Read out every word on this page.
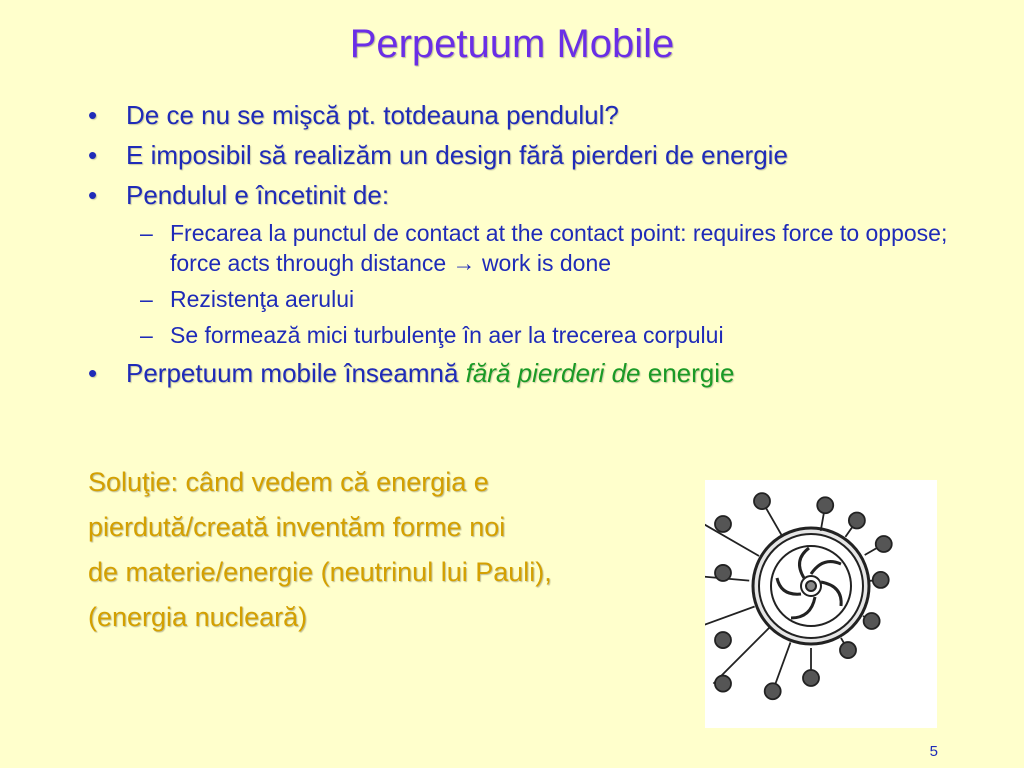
Perpetuum Mobile
• De ce nu se mişcă pt. totdeauna pendulul?
• E imposibil să realizăm un design fără pierderi de energie
• Pendulul e încetinit de:
– Frecarea la punctul de contact at the contact point: requires force to oppose; force acts through distance → work is done
– Rezistenţa aerului
– Se formează mici turbulenţe în aer la trecerea corpului
• Perpetuum mobile înseamnă fără pierderi de energie
Soluţie: când vedem că energia e
pierdută/creată inventăm forme noi
de materie/energie (neutrinul lui Pauli),
(energia nucleară)
5
